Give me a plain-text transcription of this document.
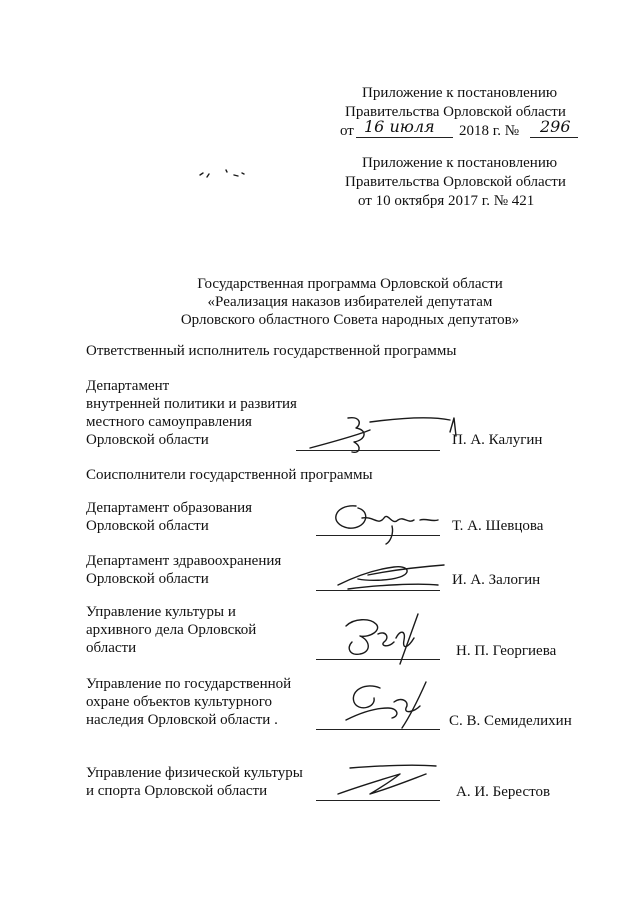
Приложение к постановлению
Правительства Орловской области
от 16 июля 2018 г. № 296
Приложение к постановлению
Правительства Орловской области
от 10 октября 2017 г. № 421
Государственная программа Орловской области
«Реализация наказов избирателей депутатам
Орловского областного Совета народных депутатов»
Ответственный исполнитель государственной программы
Департамент
внутренней политики и развития
местного самоуправления
Орловской области	П. А. Калугин
Соисполнители государственной программы
Департамент образования
Орловской области	Т. А. Шевцова
Департамент здравоохранения
Орловской области	И. А. Залогин
Управление культуры и
архивного дела Орловской
области	Н. П. Георгиева
Управление по государственной
охране объектов культурного
наследия Орловской области .	С. В. Семиделихин
Управление физической культуры
и спорта Орловской области	А. И. Берестов
